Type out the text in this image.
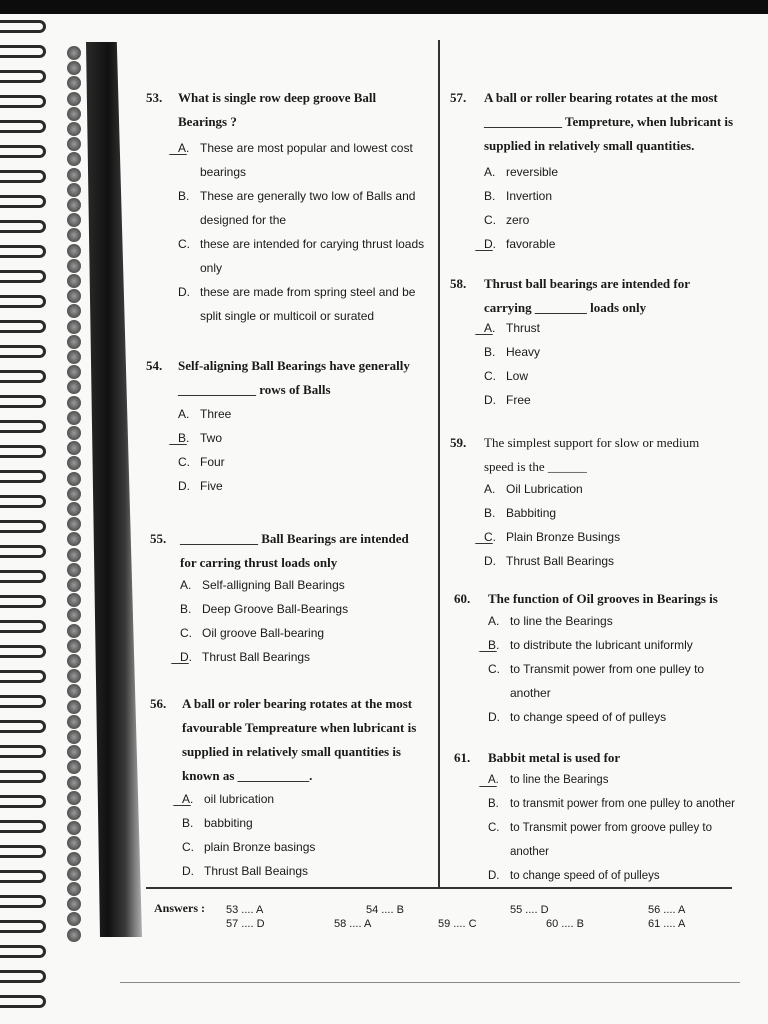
53. What is single row deep groove Ball Bearings ?
A. These are most popular and lowest cost bearings
B. These are generally two low of Balls and designed for the
C. these are intended for carying thrust loads only
D. these are made from spring steel and be split single or multicoil or surated
54. Self-aligning Ball Bearings have generally ____________ rows of Balls
A. Three
B. Two
C. Four
D. Five
55. ____________ Ball Bearings are intended for carring thrust loads only
A. Self-alligning Ball Bearings
B. Deep Groove Ball-Bearings
C. Oil groove Ball-bearing
D. Thrust Ball Bearings
56. A ball or roler bearing rotates at the most favourable Tempreature when lubricant is supplied in relatively small quantities is known as ___________.
A. oil lubrication
B. babbiting
C. plain Bronze basings
D. Thrust Ball Beaings
57. A ball or roller bearing rotates at the most ____________ Tempreture, when lubricant is supplied in relatively small quantities.
A. reversible
B. Invertion
C. zero
D. favorable
58. Thrust ball bearings are intended for carrying ________ loads only
A. Thrust
B. Heavy
C. Low
D. Free
59. The simplest support for slow or medium speed is the ______
A. Oil Lubrication
B. Babbiting
C. Plain Bronze Busings
D. Thrust Ball Bearings
60. The function of Oil grooves in Bearings is
A. to line the Bearings
B. to distribute the lubricant uniformly
C. to Transmit power from one pulley to another
D. to change speed of of pulleys
61. Babbit metal is used for
A. to line the Bearings
B. to transmit power from one pulley to another
C. to Transmit power from groove pulley to another
D. to change speed of of pulleys
Answers : 53 .... A	54 .... B	55 .... D	56 .... A
57 .... D	58 .... A	59 .... C	60 .... B	61 .... A
